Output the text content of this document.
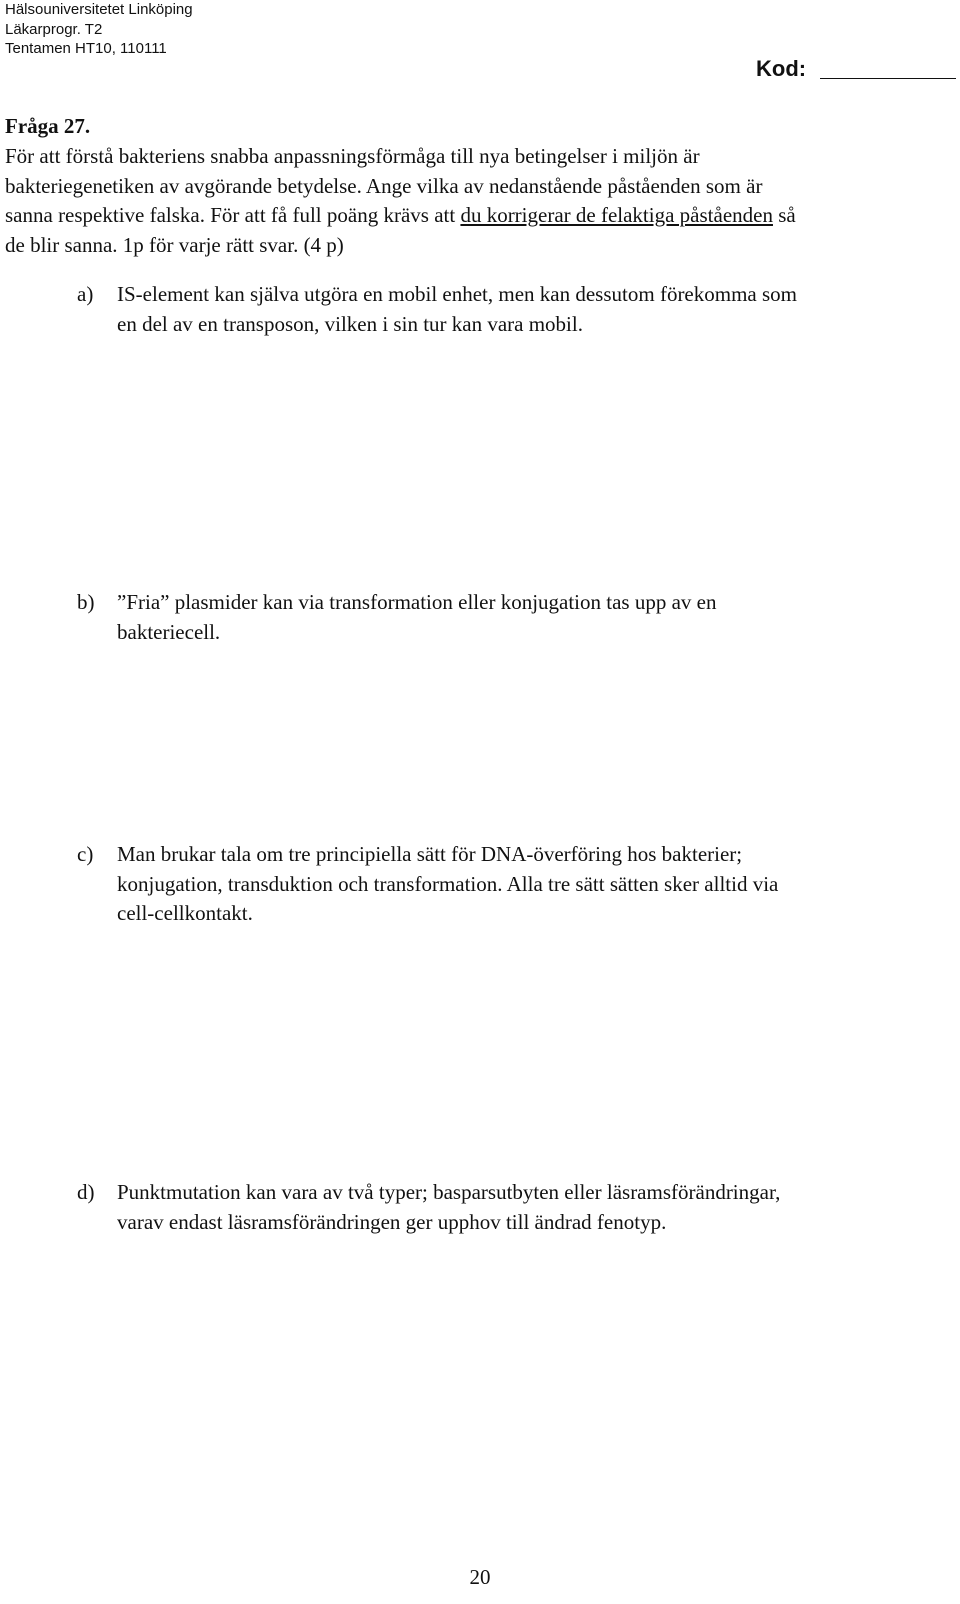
Hälsouniversitetet Linköping
Läkarprogr. T2
Tentamen HT10, 110111
Kod:
Fråga 27.
För att förstå bakteriens snabba anpassningsförmåga till nya betingelser i miljön är
bakteriegenetiken av avgörande betydelse. Ange vilka av nedanstående påståenden som är
sanna respektive falska. För att få full poäng krävs att du korrigerar de felaktiga påståenden så
de blir sanna. 1p för varje rätt svar. (4 p)
a) IS-element kan själva utgöra en mobil enhet, men kan dessutom förekomma som
en del av en transposon, vilken i sin tur kan vara mobil.
b) ”Fria” plasmider kan via transformation eller konjugation tas upp av en
bakteriecell.
c) Man brukar tala om tre principiella sätt för DNA-överföring hos bakterier;
konjugation, transduktion och transformation. Alla tre sätt sätten sker alltid via
cell-cellkontakt.
d) Punktmutation kan vara av två typer; basparsutbyten eller läsramsförändringar,
varav endast läsramsförändringen ger upphov till ändrad fenotyp.
20
